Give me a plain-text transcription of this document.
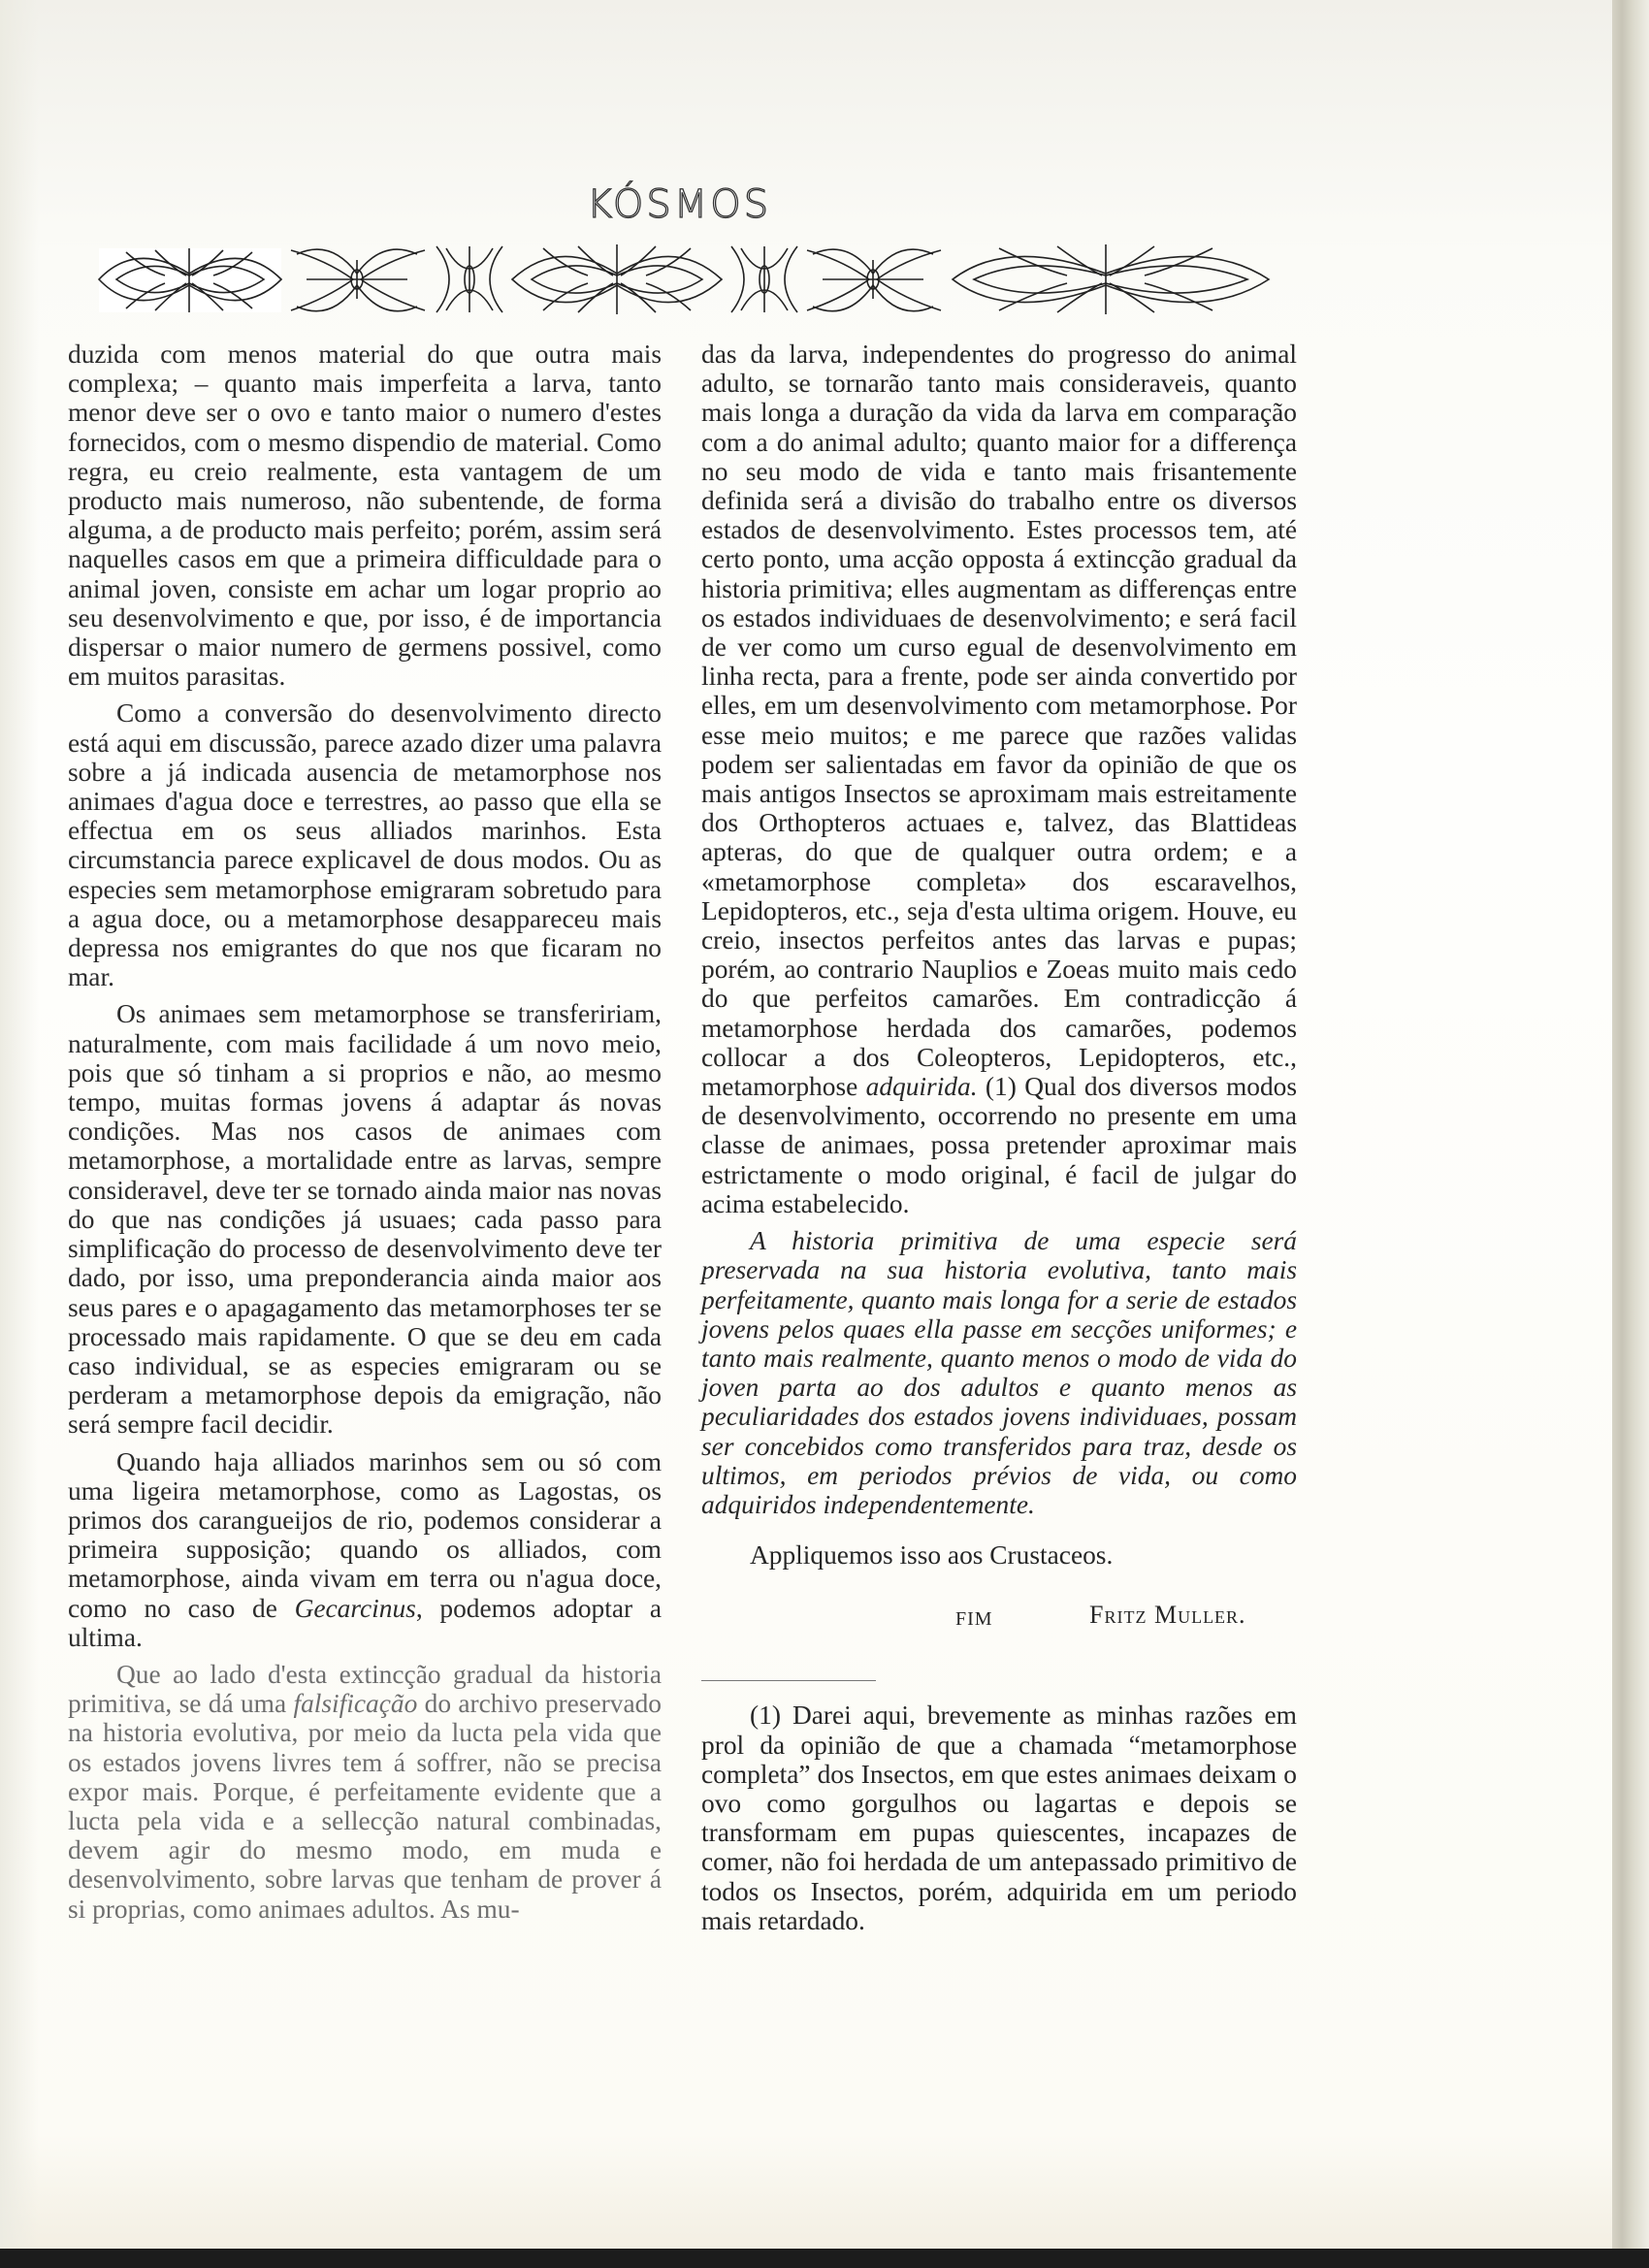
KÓSMOS

duzida com menos material do que outra mais complexa; – quanto mais imperfeita a larva, tanto menor deve ser o ovo e tanto maior o numero d'estes fornecidos, com o mesmo dispendio de material. Como regra, eu creio realmente, esta vantagem de um producto mais numeroso, não subentende, de forma alguma, a de producto mais perfeito; porém, assim será naquelles casos em que a primeira difficuldade para o animal joven, consiste em achar um logar proprio ao seu desenvolvimento e que, por isso, é de importancia dispersar o maior numero de germens possivel, como em muitos parasitas.

Como a conversão do desenvolvimento directo está aqui em discussão, parece azado dizer uma palavra sobre a já indicada ausencia de metamorphose nos animaes d'agua doce e terrestres, ao passo que ella se effectua em os seus alliados marinhos. Esta circumstancia parece explicavel de dous modos. Ou as especies sem metamorphose emigraram sobretudo para a agua doce, ou a metamorphose desappareceu mais depressa nos emigrantes do que nos que ficaram no mar.

Os animaes sem metamorphose se transfeririam, naturalmente, com mais facilidade á um novo meio, pois que só tinham a si proprios e não, ao mesmo tempo, muitas formas jovens á adaptar ás novas condições. Mas nos casos de animaes com metamorphose, a mortalidade entre as larvas, sempre consideravel, deve ter se tornado ainda maior nas novas do que nas condições já usuaes; cada passo para simplificação do processo de desenvolvimento deve ter dado, por isso, uma preponderancia ainda maior aos seus pares e o apagagamento das metamorphoses ter se processado mais rapidamente. O que se deu em cada caso individual, se as especies emigraram ou se perderam a metamorphose depois da emigração, não será sempre facil decidir.

Quando haja alliados marinhos sem ou só com uma ligeira metamorphose, como as Lagostas, os primos dos carangueijos de rio, podemos considerar a primeira supposição; quando os alliados, com metamorphose, ainda vivam em terra ou n'agua doce, como no caso de Gecarcinus, podemos adoptar a ultima.

Que ao lado d'esta extincção gradual da historia primitiva, se dá uma falsificação do archivo preservado na historia evolutiva, por meio da lucta pela vida que os estados jovens livres tem á soffrer, não se precisa expor mais. Porque, é perfeitamente evidente que a lucta pela vida e a sellecção natural combinadas, devem agir do mesmo modo, em muda e desenvolvimento, sobre larvas que tenham de prover á si proprias, como animaes adultos. As mu-

das da larva, independentes do progresso do animal adulto, se tornarão tanto mais consideraveis, quanto mais longa a duração da vida da larva em comparação com a do animal adulto; quanto maior for a differença no seu modo de vida e tanto mais frisantemente definida será a divisão do trabalho entre os diversos estados de desenvolvimento. Estes processos tem, até certo ponto, uma acção opposta á extincção gradual da historia primitiva; elles augmentam as differenças entre os estados individuaes de desenvolvimento; e será facil de ver como um curso egual de desenvolvimento em linha recta, para a frente, pode ser ainda convertido por elles, em um desenvolvimento com metamorphose. Por esse meio muitos; e me parece que razões validas podem ser salientadas em favor da opinião de que os mais antigos Insectos se aproximam mais estreitamente dos Orthopteros actuaes e, talvez, das Blattideas apteras, do que de qualquer outra ordem; e a «metamorphose completa» dos escaravelhos, Lepidopteros, etc., seja d'esta ultima origem. Houve, eu creio, insectos perfeitos antes das larvas e pupas; porém, ao contrario Nauplios e Zoeas muito mais cedo do que perfeitos camarões. Em contradicção á metamorphose herdada dos camarões, podemos collocar a dos Coleopteros, Lepidopteros, etc., metamorphose adquirida. (1) Qual dos diversos modos de desenvolvimento, occorrendo no presente em uma classe de animaes, possa pretender aproximar mais estrictamente o modo original, é facil de julgar do acima estabelecido.

A historia primitiva de uma especie será preservada na sua historia evolutiva, tanto mais perfeitamente, quanto mais longa for a serie de estados jovens pelos quaes ella passe em secções uniformes; e tanto mais realmente, quanto menos o modo de vida do joven parta ao dos adultos e quanto menos as peculiaridades dos estados jovens individuaes, possam ser concebidos como transferidos para traz, desde os ultimos, em periodos prévios de vida, ou como adquiridos independentemente.

Appliquemos isso aos Crustaceos.

FIM	Fritz Muller.

(1) Darei aqui, brevemente as minhas razões em prol da opinião de que a chamada “metamorphose completa” dos Insectos, em que estes animaes deixam o ovo como gorgulhos ou lagartas e depois se transformam em pupas quiescentes, incapazes de comer, não foi herdada de um antepassado primitivo de todos os Insectos, porém, adquirida em um periodo mais retardado.
